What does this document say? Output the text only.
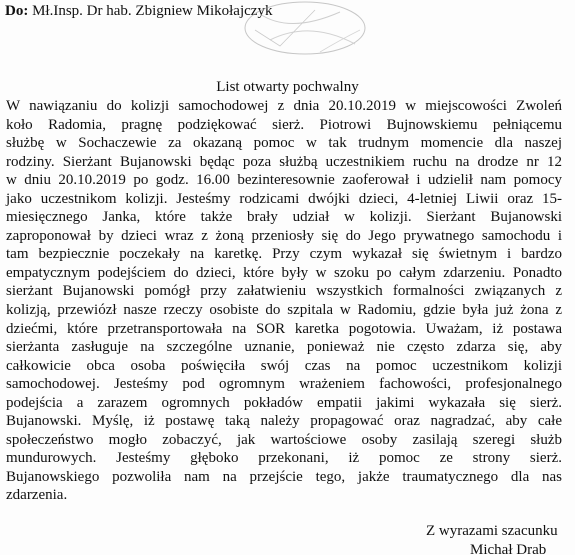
Do: Mł.Insp. Dr hab. Zbigniew Mikołajczyk
List otwarty pochwalny
W nawiązaniu do kolizji samochodowej z dnia 20.10.2019 w miejscowości Zwoleń
koło Radomia, pragnę podziękować sierż. Piotrowi Bujnowskiemu pełniącemu
służbę w Sochaczewie za okazaną pomoc w tak trudnym momencie dla naszej
rodziny. Sierżant Bujanowski będąc poza służbą uczestnikiem ruchu na drodze nr 12
w dniu 20.10.2019 po godz. 16.00 bezinteresownie zaoferował i udzielił nam pomocy
jako uczestnikom kolizji. Jesteśmy rodzicami dwójki dzieci, 4-letniej Liwii oraz 15-
miesięcznego Janka, które także brały udział w kolizji. Sierżant Bujanowski
zaproponował by dzieci wraz z żoną przeniosły się do Jego prywatnego samochodu i
tam bezpiecznie poczekały na karetkę. Przy czym wykazał się świetnym i bardzo
empatycznym podejściem do dzieci, które były w szoku po całym zdarzeniu. Ponadto
sierżant Bujanowski pomógł przy załatwieniu wszystkich formalności związanych z
kolizją, przewiózł nasze rzeczy osobiste do szpitala w Radomiu, gdzie była już żona z
dziećmi, które przetransportowała na SOR karetka pogotowia. Uważam, iż postawa
sierżanta zasługuje na szczególne uznanie, ponieważ nie często zdarza się, aby
całkowicie obca osoba poświęciła swój czas na pomoc uczestnikom kolizji
samochodowej. Jesteśmy pod ogromnym wrażeniem fachowości, profesjonalnego
podejścia a zarazem ogromnych pokładów empatii jakimi wykazała się sierż.
Bujanowski. Myślę, iż postawę taką należy propagować oraz nagradzać, aby całe
społeczeństwo mogło zobaczyć, jak wartościowe osoby zasilają szeregi służb
mundurowych. Jesteśmy głęboko przekonani, iż pomoc ze strony sierż.
Bujanowskiego pozwoliła nam na przejście tego, jakże traumatycznego dla nas
zdarzenia.
Z wyrazami szacunku
Michał Drab
